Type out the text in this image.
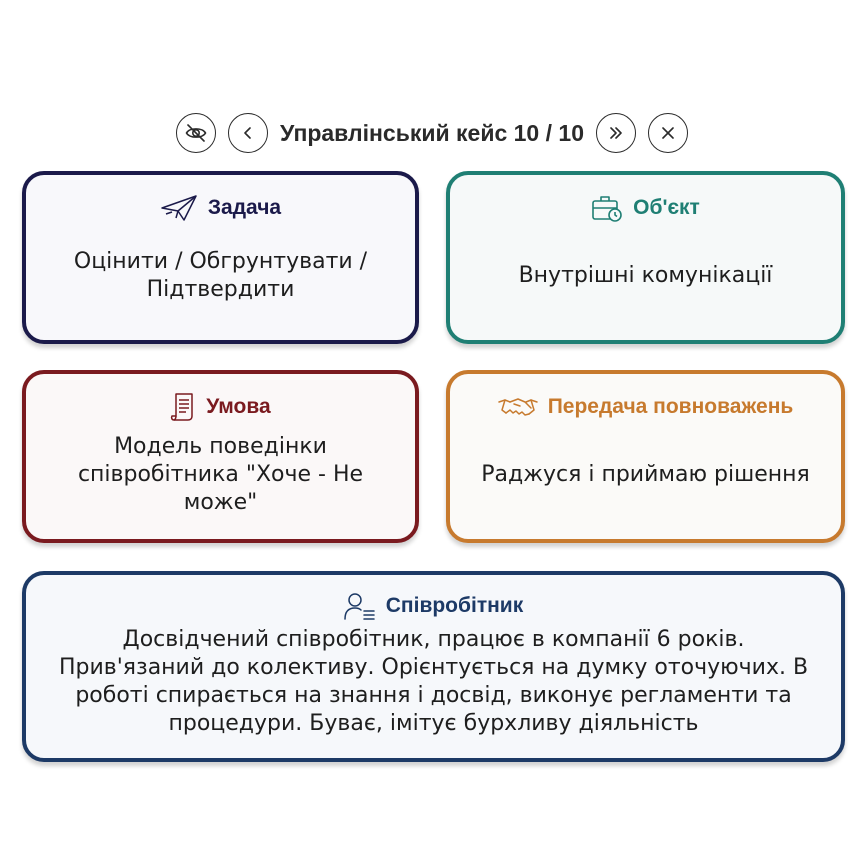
Управлінський кейс 10 / 10
Задача
Оцінити / Обгрунтувати / Підтвердити
Об'єкт
Внутрішні комунікації
Умова
Модель поведінки співробітника "Хоче - Не може"
Передача повноважень
Раджуся і приймаю рішення
Співробітник
Досвідчений співробітник, працює в компанії 6 років. Прив'язаний до колективу. Орієнтується на думку оточуючих. В роботі спирається на знання і досвід, виконує регламенти та процедури. Буває, імітує бурхливу діяльність
